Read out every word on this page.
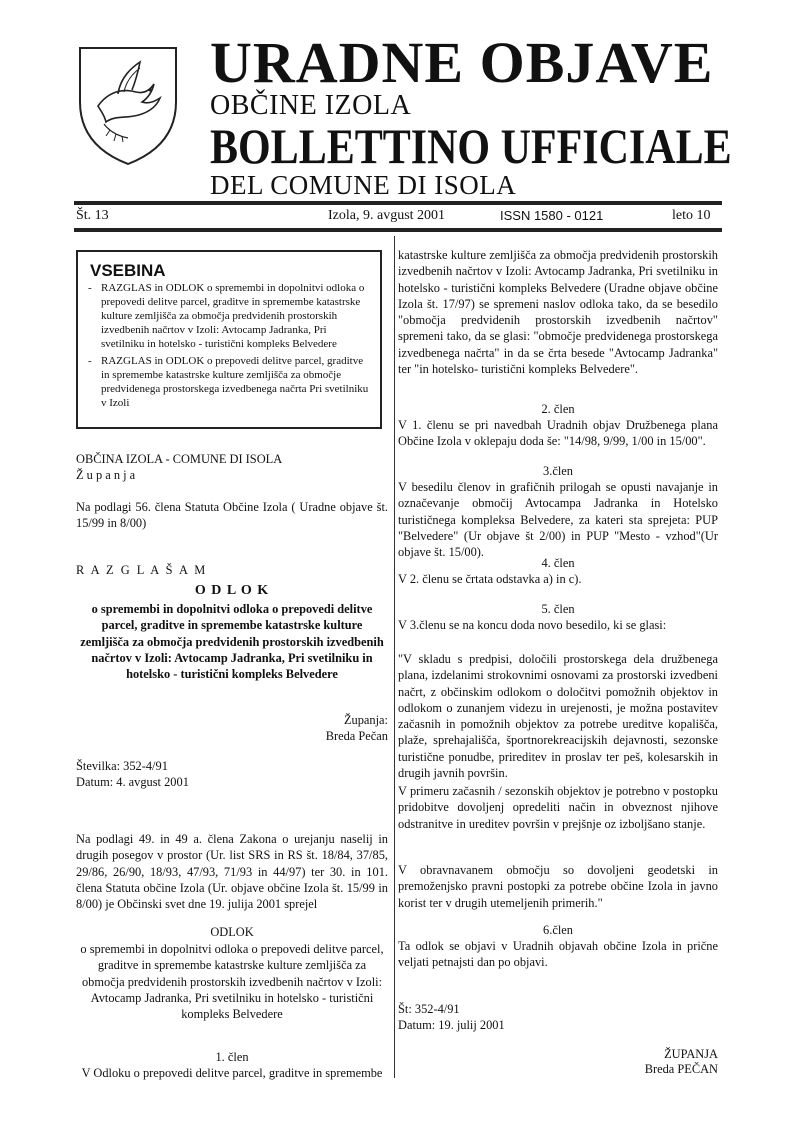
URADNE OBJAVE
OBČINE IZOLA
BOLLETTINO UFFICIALE
DEL COMUNE DI ISOLA
Št. 13	Izola, 9. avgust 2001	ISSN 1580 - 0121	leto 10
VSEBINA
- RAZGLAS in ODLOK o spremembi in dopolnitvi odloka o prepovedi delitve parcel, graditve in spremembe katastrske kulture zemljišča za območja predvidenih prostorskih izvedbenih načrtov v Izoli: Avtocamp Jadranka, Pri svetilniku in hotelsko - turistični kompleks Belvedere
- RAZGLAS in ODLOK o prepovedi delitve parcel, graditve in spremembe katastrske kulture zemljišča za območje predvidenega prostorskega izvedbenega načrta Pri svetilniku v Izoli
OBČINA IZOLA - COMUNE DI ISOLA
Ž u p a n j a
Na podlagi 56. člena Statuta Občine Izola ( Uradne objave št. 15/99 in 8/00)
R A Z G L A Š A M
O D L O K
o spremembi in dopolnitvi odloka o prepovedi delitve parcel, graditve in spremembe katastrske kulture zemljišča za območja predvidenih prostorskih izvedbenih načrtov v Izoli: Avtocamp Jadranka, Pri svetilniku in hotelsko - turistični kompleks Belvedere
Županja:
Breda Pečan
Številka: 352-4/91
Datum: 4. avgust 2001
Na podlagi 49. in 49 a. člena Zakona o urejanju naselij in drugih posegov v prostor (Ur. list SRS in RS št. 18/84, 37/85, 29/86, 26/90, 18/93, 47/93, 71/93 in 44/97) ter 30. in 101. člena Statuta občine Izola (Ur. objave občine Izola št. 15/99 in 8/00) je Občinski svet dne 19. julija 2001 sprejel
ODLOK
o spremembi in dopolnitvi odloka o prepovedi delitve parcel, graditve in spremembe katastrske kulture zemljišča za območja predvidenih prostorskih izvedbenih načrtov v Izoli: Avtocamp Jadranka, Pri svetilniku in hotelsko - turistični kompleks Belvedere
1. člen
V Odloku o prepovedi delitve parcel, graditve in spremembe
katastrske kulture zemljišča za območja predvidenih prostorskih izvedbenih načrtov v Izoli: Avtocamp Jadranka, Pri svetilniku in hotelsko - turistični kompleks Belvedere (Uradne objave občine Izola št. 17/97) se spremeni naslov odloka tako, da se besedilo "območja predvidenih prostorskih izvedbenih načrtov" spremeni tako, da se glasi: "območje predvidenega prostorskega izvedbenega načrta" in da se črta besede "Avtocamp Jadranka" ter "in hotelsko- turistični kompleks Belvedere".
2. člen
V 1. členu se pri navedbah Uradnih objav Družbenega plana Občine Izola v oklepaju doda še: "14/98, 9/99, 1/00 in 15/00".
3.člen
V besedilu členov in grafičnih prilogah se opusti navajanje in označevanje območij Avtocampa Jadranka in Hotelsko turističnega kompleksa Belvedere, za kateri sta sprejeta: PUP "Belvedere" (Ur objave št 2/00) in PUP "Mesto - vzhod"(Ur objave št. 15/00).
4. člen
V 2. členu se črtata odstavka a) in c).
5. člen
V 3.členu se na koncu doda novo besedilo, ki se glasi:
"V skladu s predpisi, določili prostorskega dela družbenega plana, izdelanimi strokovnimi osnovami za prostorski izvedbeni načrt, z občinskim odlokom o določitvi pomožnih objektov in odlokom o zunanjem videzu in urejenosti, je možna postavitev začasnih in pomožnih objektov za potrebe ureditve kopališča, plaže, sprehajališča, športnorekreacijskih dejavnosti, sezonske turistične ponudbe, prireditev in proslav ter peš, kolesarskih in drugih javnih površin.
V primeru začasnih / sezonskih objektov je potrebno v postopku pridobitve dovoljenj opredeliti način in obveznost njihove odstranitve in ureditev površin v prejšnje oz izboljšano stanje.
V obravnavanem območju so dovoljeni geodetski in premoženjsko pravni postopki za potrebe občine Izola in javno korist ter v drugih utemeljenih primerih."
6.člen
Ta odlok se objavi v Uradnih objavah občine Izola in prične veljati petnajsti dan po objavi.
Št: 352-4/91
Datum: 19. julij 2001
ŽUPANJA
Breda PEČAN
